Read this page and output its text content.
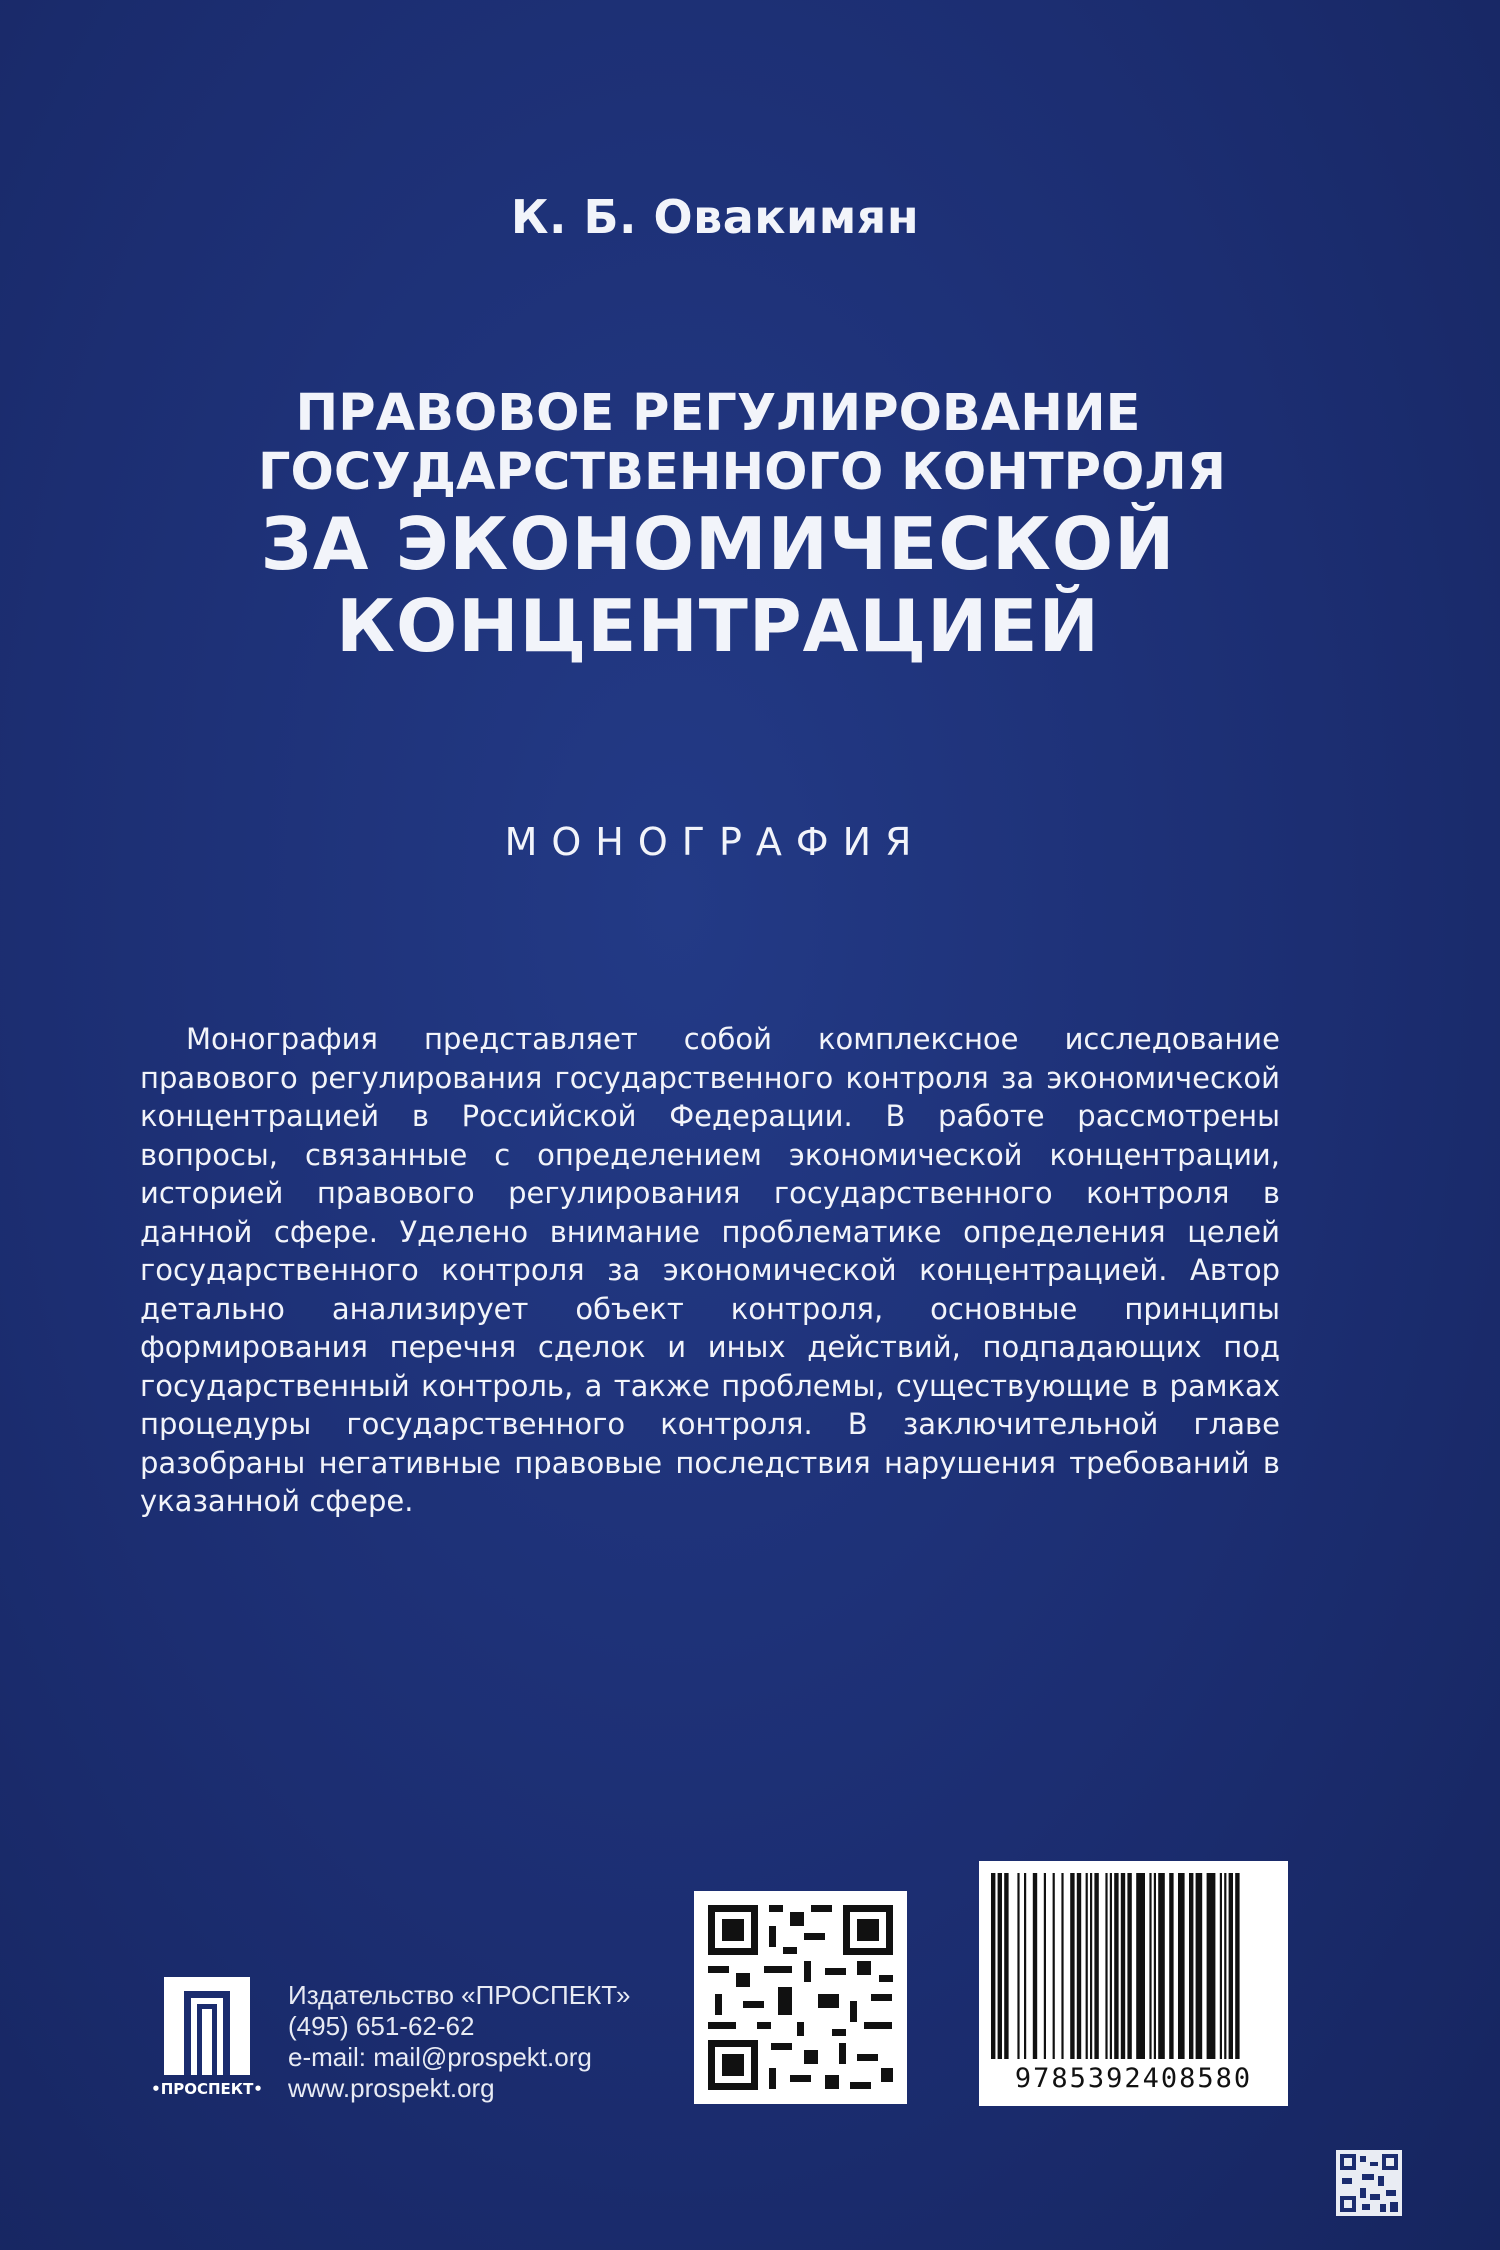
К. Б. Овакимян
ПРАВОВОЕ РЕГУЛИРОВАНИЕ
ГОСУДАРСТВЕННОГО КОНТРОЛЯ
ЗА ЭКОНОМИЧЕСКОЙ
КОНЦЕНТРАЦИЕЙ
МОНОГРАФИЯ
Монография представляет собой комплексное исследование правового регулирования государственного контроля за экономической концентрацией в Российской Федерации. В работе рассмотрены вопросы, связанные с определением экономической концентрации, историей правового регулирования государственного контроля в данной сфере. Уделено внимание проблематике определения целей государственного контроля за экономической концентрацией. Автор детально анализирует объект контроля, основные принципы формирования перечня сделок и иных действий, подпадающих под государственный контроль, а также проблемы, существующие в рамках процедуры государственного контроля. В заключительной главе разобраны негативные правовые последствия нарушения требований в указанной сфере.
•ПРОСПЕКТ•
Издательство «ПРОСПЕКТ»
(495) 651-62-62
e-mail: mail@prospekt.org
www.prospekt.org	9785392408580
